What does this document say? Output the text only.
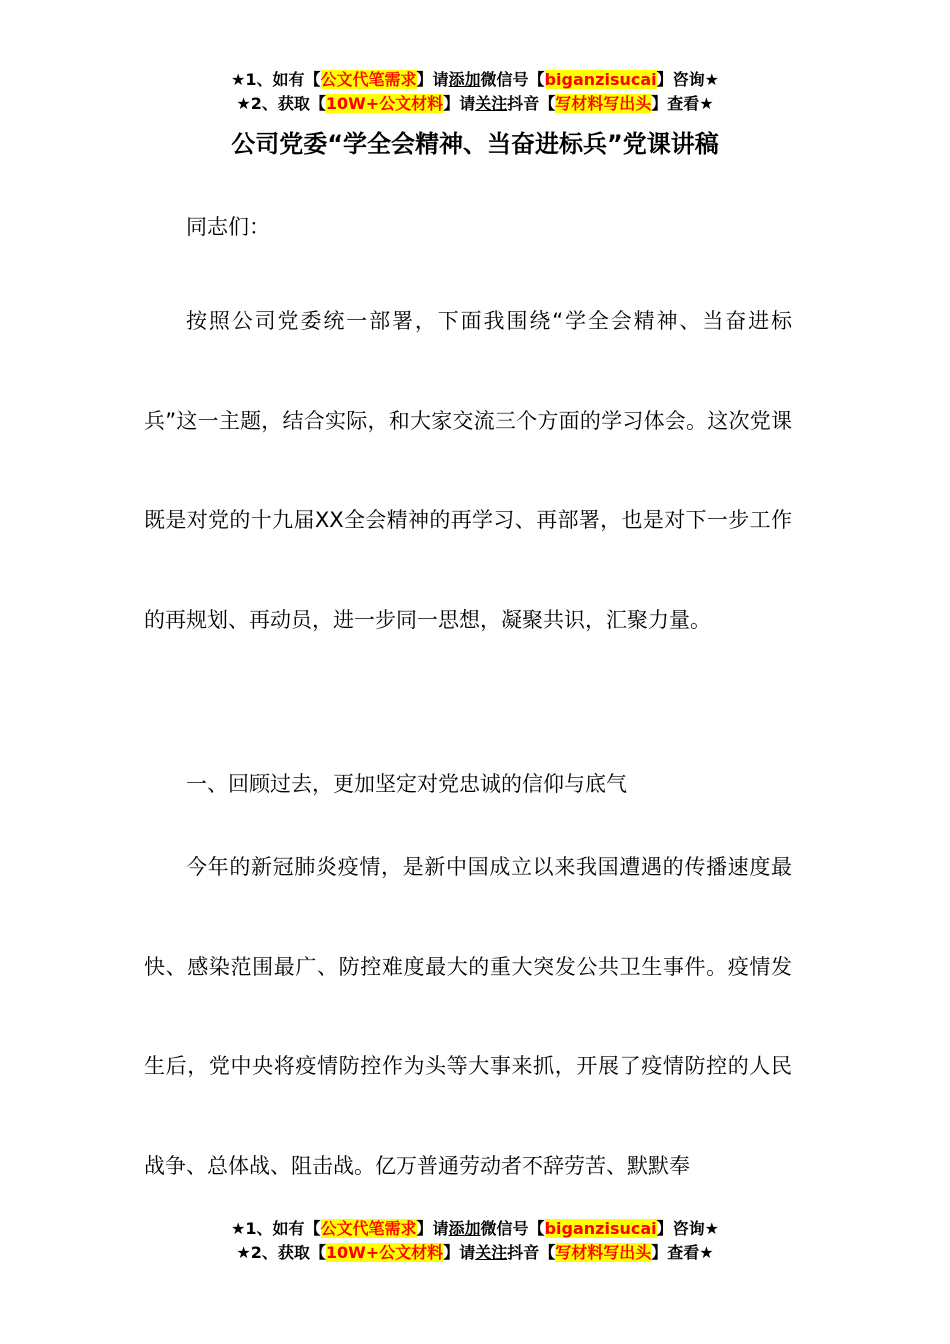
★1、如有【公文代笔需求】请添加微信号【biganzisucai】咨询★
★2、获取【10W+公文材料】请关注抖音【写材料写出头】查看★
公司党委“学全会精神、当奋进标兵”党课讲稿

同志们：

按照公司党委统一部署，下面我围绕“学全会精神、当奋进标兵”这一主题，结合实际，和大家交流三个方面的学习体会。这次党课既是对党的十九届XX全会精神的再学习、再部署，也是对下一步工作的再规划、再动员，进一步同一思想，凝聚共识，汇聚力量。

一、回顾过去，更加坚定对党忠诚的信仰与底气

今年的新冠肺炎疫情，是新中国成立以来我国遭遇的传播速度最快、感染范围最广、防控难度最大的重大突发公共卫生事件。疫情发生后，党中央将疫情防控作为头等大事来抓，开展了疫情防控的人民战争、总体战、阻击战。亿万普通劳动者不辞劳苦、默默奉

★1、如有【公文代笔需求】请添加微信号【biganzisucai】咨询★
★2、获取【10W+公文材料】请关注抖音【写材料写出头】查看★
